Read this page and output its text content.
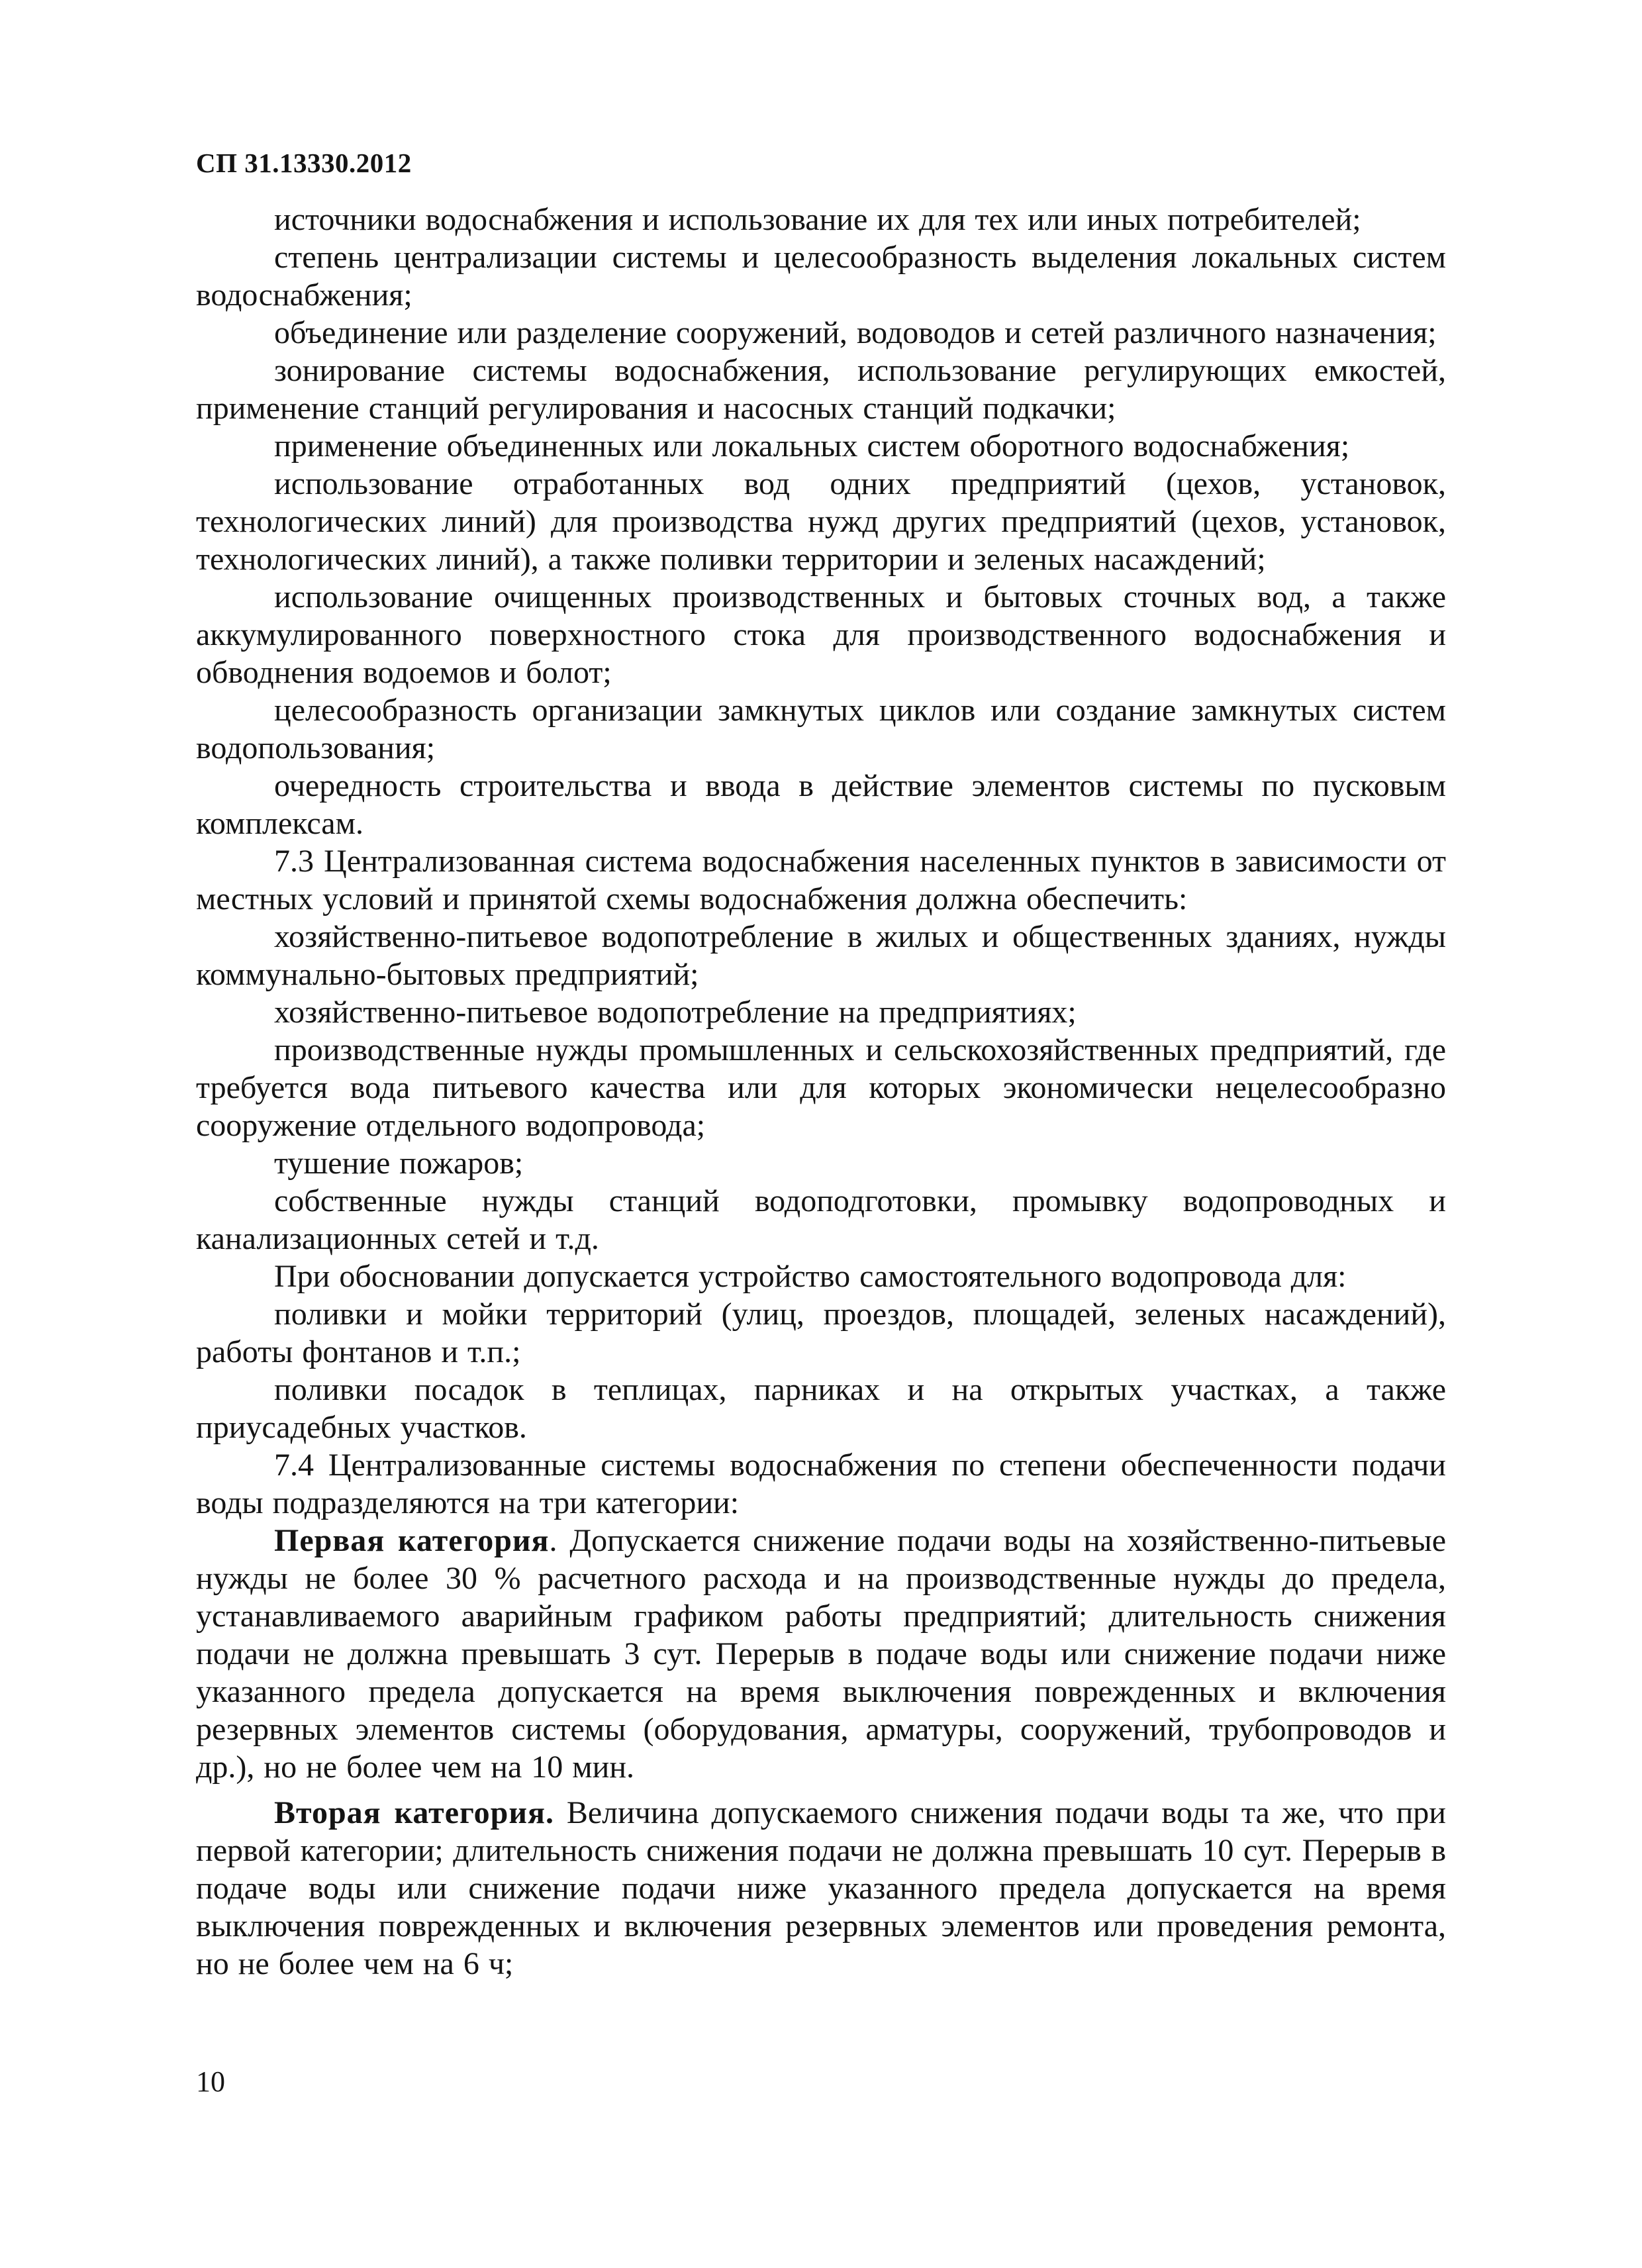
СП 31.13330.2012

источники водоснабжения и использование их для тех или иных потребителей;

степень централизации системы и целесообразность выделения локальных систем водоснабжения;

объединение или разделение сооружений, водоводов и сетей различного назначения;

зонирование системы водоснабжения, использование регулирующих емкостей, применение станций регулирования и насосных станций подкачки;

применение объединенных или локальных систем оборотного водоснабжения;

использование отработанных вод одних предприятий (цехов, установок, технологических линий) для производства нужд других предприятий (цехов, установок, технологических линий), а также поливки территории и зеленых насаждений;

использование очищенных производственных и бытовых сточных вод, а также аккумулированного поверхностного стока для производственного водоснабжения и обводнения водоемов и болот;

целесообразность организации замкнутых циклов или создание замкнутых систем водопользования;

очередность строительства и ввода в действие элементов системы по пусковым комплексам.

7.3 Централизованная система водоснабжения населенных пунктов в зависимости от местных условий и принятой схемы водоснабжения должна обеспечить:

хозяйственно-питьевое водопотребление в жилых и общественных зданиях, нужды коммунально-бытовых предприятий;

хозяйственно-питьевое водопотребление на предприятиях;

производственные нужды промышленных и сельскохозяйственных предприятий, где требуется вода питьевого качества или для которых экономически нецелесообразно сооружение отдельного водопровода;

тушение пожаров;

собственные нужды станций водоподготовки, промывку водопроводных и канализационных сетей и т.д.

При обосновании допускается устройство самостоятельного водопровода для:

поливки и мойки территорий (улиц, проездов, площадей, зеленых насаждений), работы фонтанов и т.п.;

поливки посадок в теплицах, парниках и на открытых участках, а также приусадебных участков.

7.4 Централизованные системы водоснабжения по степени обеспеченности подачи воды подразделяются на три категории:

Первая категория. Допускается снижение подачи воды на хозяйственно-питьевые нужды не более 30 % расчетного расхода и на производственные нужды до предела, устанавливаемого аварийным графиком работы предприятий; длительность снижения подачи не должна превышать 3 сут. Перерыв в подаче воды или снижение подачи ниже указанного предела допускается на время выключения поврежденных и включения резервных элементов системы (оборудования, арматуры, сооружений, трубопроводов и др.), но не более чем на 10 мин.

Вторая категория. Величина допускаемого снижения подачи воды та же, что при первой категории; длительность снижения подачи не должна превышать 10 сут. Перерыв в подаче воды или снижение подачи ниже указанного предела допускается на время выключения поврежденных и включения резервных элементов или проведения ремонта, но не более чем на 6 ч;

10
